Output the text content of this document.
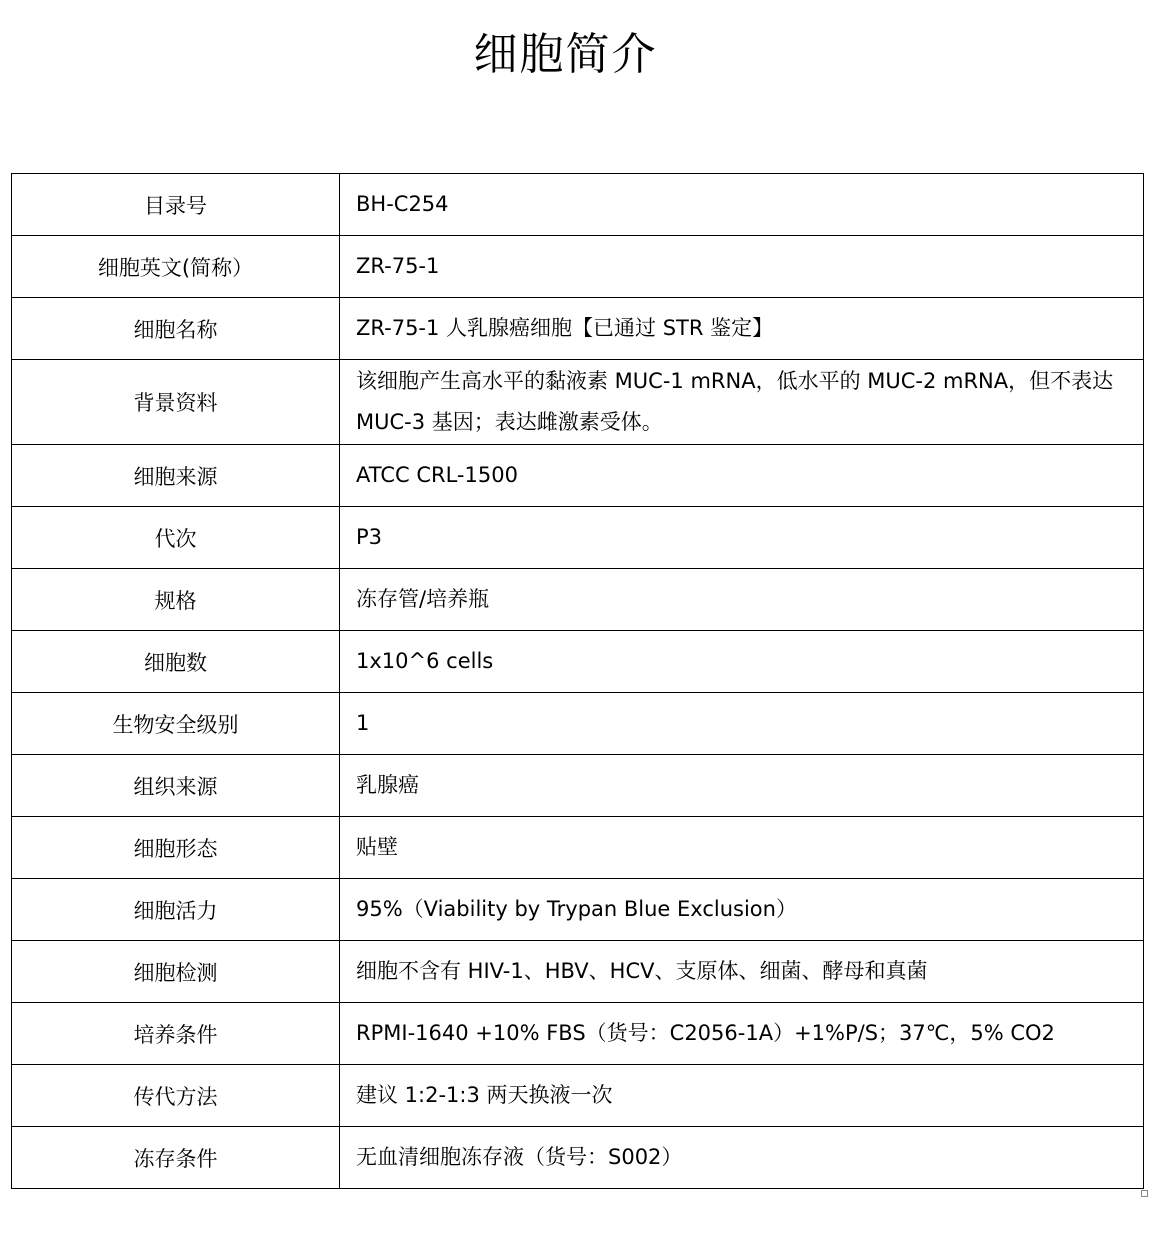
细胞简介
目录号	BH-C254
细胞英文(简称）	ZR-75-1
细胞名称	ZR-75-1 人乳腺癌细胞【已通过 STR 鉴定】
背景资料	该细胞产生高水平的黏液素 MUC-1 mRNA，低水平的 MUC-2 mRNA，但不表达 MUC-3 基因；表达雌激素受体。
细胞来源	ATCC CRL-1500
代次	P3
规格	冻存管/培养瓶
细胞数	1x10^6 cells
生物安全级别	1
组织来源	乳腺癌
细胞形态	贴壁
细胞活力	95%（Viability by Trypan Blue Exclusion）
细胞检测	细胞不含有 HIV-1、HBV、HCV、支原体、细菌、酵母和真菌
培养条件	RPMI-1640 +10% FBS（货号：C2056-1A）+1%P/S；37℃，5% CO2
传代方法	建议 1:2-1:3 两天换液一次
冻存条件	无血清细胞冻存液（货号：S002）
